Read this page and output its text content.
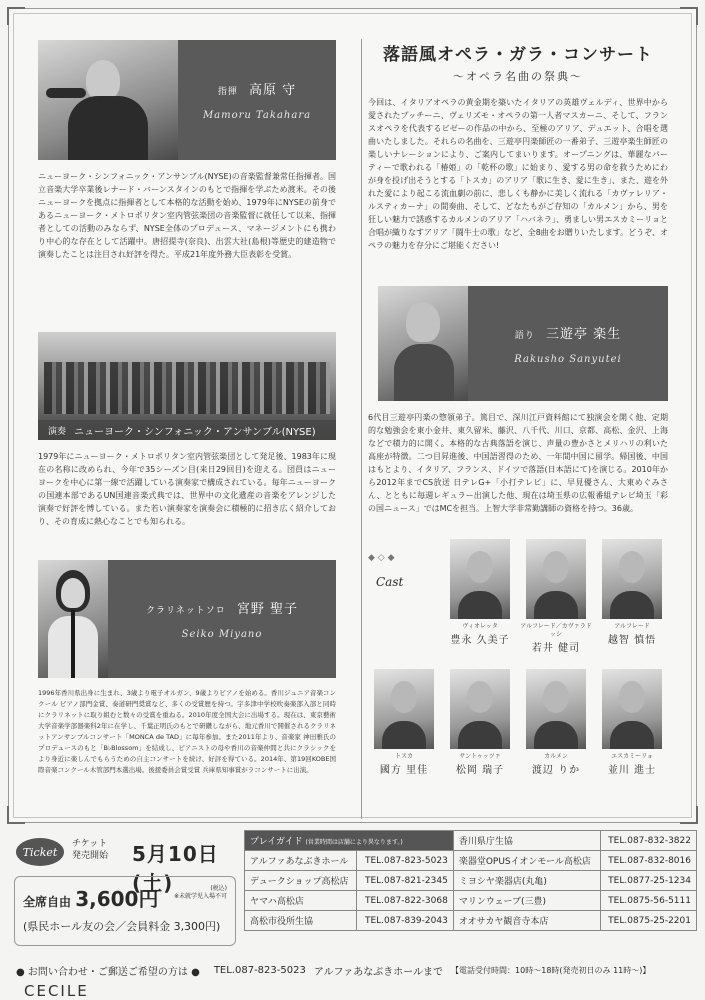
指揮 高原 守
Mamoru Takahara

ニューヨーク・シンフォニック・アンサンブル(NYSE)の音楽監督兼常任指揮者。国立音楽大学卒業後レナード・バーンスタインのもとで指揮を学ぶため渡米。その後ニューヨークを拠点に指揮者として本格的な活動を始め、1979年にNYSEの前身であるニューヨーク・メトロポリタン室内管弦楽団の音楽監督に就任して以来、指揮者としての活動のみならず、NYSE全体のプロデュース、マネージメントにも携わり中心的な存在として活躍中。唐招提寺(奈良)、出雲大社(島根)等歴史的建造物で演奏したことは注目され好評を得た。平成21年度外務大臣表彰を受賞。

演奏 ニューヨーク・シンフォニック・アンサンブル(NYSE)

1979年にニューヨーク・メトロポリタン室内管弦楽団として発足後、1983年に現在の名称に改められ、今年で35シーズン目(来日29回目)を迎える。団員はニューヨークを中心に第一線で活躍している演奏家で構成されている。毎年ニューヨークの国連本部であるUN国連音楽式典では、世界中の文化遺産の音楽をアレンジした演奏で好評を博している。また若い演奏家を演奏会に積極的に招き広く紹介しており、その育成に熱心なことでも知られる。

クラリネットソロ 宮野 聖子
Seiko Miyano

1996年香川県出身に生まれ、3歳より電子オルガン、9歳よりピアノを始める。香川ジュニア音楽コンクール ピアノ部門金賞、奏道研門奨賞など、多くの受賞歴を持つ。宇多津中学校吹奏楽部入部と同時にクラリネットに取り組むと数々の受賞を重ねる。2010年度全国大会に出場する。現在は、東京藝術大学音楽学部器楽科2年に在学し、千葉正明氏のもとで研鑽しながら、地元香川で開催されるクラリネットアンサンブルコンサート「MONCA de TAD」に毎年参加。また2011年より、音楽家 神田雅氏のプロデュースのもと「B♭Blossom」を結成し、ピアニストの母や香川の音楽仲間と共にクラシックをより身近に楽しんでもらうための自主コンサートを続け、好評を得ている。2014年、第19回KOBE国際音楽コンクール木管部門本選出場。後援委員会賞受賞 兵庫県知事賞がラコンサートに出演。

落語風オペラ・ガラ・コンサート
～オペラ名曲の祭典～

今回は、イタリアオペラの黄金期を築いたイタリアの英雄ヴェルディ、世界中から愛されたプッチーニ、ヴェリズモ・オペラの第一人者マスカーニ、そして、フランスオペラを代表するビゼーの作品の中から、至極のアリア、デュエット、合唱を選曲いたしました。それらの名曲を、三遊亭円楽師匠の一番弟子、三遊亭楽生師匠の楽しいナレーションにより、ご案内してまいります。オープニングは、華麗なパーティーで歌われる「椿姫」の「乾杯の歌」に始まり、愛する男の命を救うためにわが身を投げ出そうとする「トスカ」のアリア「歌に生き、愛に生き」、また、遊を外れた愛により起こる流血劇の前に、悲しくも静かに美しく流れる「カヴァレリア・ルスティカーナ」の間奏曲、そして、どなたもがご存知の「カルメン」から、男を狂しい魅力で誘惑するカルメンのアリア「ハバネラ」、勇ましい男エスカミーリョと合唱が織りなすアリア「闘牛士の歌」など、全8曲をお贈りいたします。どうぞ、オペラの魅力を存分にご堪能ください!

語り 三遊亭 楽生
Rakusho Sanyutei

6代目三遊亭円楽の惣領弟子。篤目で、深川江戸資料館にて独演会を開く他、定期的な勉強会を東小金井、東久留米、藤沢、八千代、川口、京都、高松、金沢、上海などで積力的に開く。本格的な古典落語を演じ、声量の豊かさとメリハリの利いた高座が特徴。二つ目昇進後、中国語習得のため、一年間中国に留学。帰国後、中国はもとより、イタリア、フランス、ドイツで落語(日本語にて)を演じる。2010年から2012年までCS放送 日テレG+「小打テレビ」に、早見優さん、大東めぐみさん、とともに毎週レギュラー出演した他、現在は埼玉県の広報番組テレビ埼玉「彩の国ニュース」ではMCを担当。上智大学非常勤講師の資格を持つ。36歳。

Cast
◆ ◇ ◆
ヴィオレッタ
豊永 久美子
アルフレード／カヴァラドッシ
若井 健司
アルフレード
越智 慎悟
トスカ
國方 里佳
サントゥッツァ
松岡 瑞子
カルメン
渡辺 りか
エスカミーリョ
並川 進士
Ticket
チケット
発売開始 5月10日(土)
全席自由 3,600円	(税込)
※未就学児入場不可
(県民ホール友の会／会員料金 3,300円)
プレイガイド (営業時間は店舗により異なります。)		香川県庁生協	TEL.087-832-3822
アルファあなぶきホール	TEL.087-823-5023	楽器堂OPUSイオンモール高松店	TEL.087-832-8016
デュークショップ高松店	TEL.087-821-2345	ミヨシヤ楽器店(丸亀)	TEL.0877-25-1234
ヤマハ高松店	TEL.087-822-3068	マリンウェーブ(三豊)	TEL.0875-56-5111
高松市役所生協	TEL.087-839-2043	オオサカヤ観音寺本店	TEL.0875-25-2201
● お問い合わせ・ご郵送ご希望の方は ● TEL.087-823-5023 アルファあなぶきホールまで 【電話受付時間：10時～18時(発売初日のみ 11時～)】
CECILE
